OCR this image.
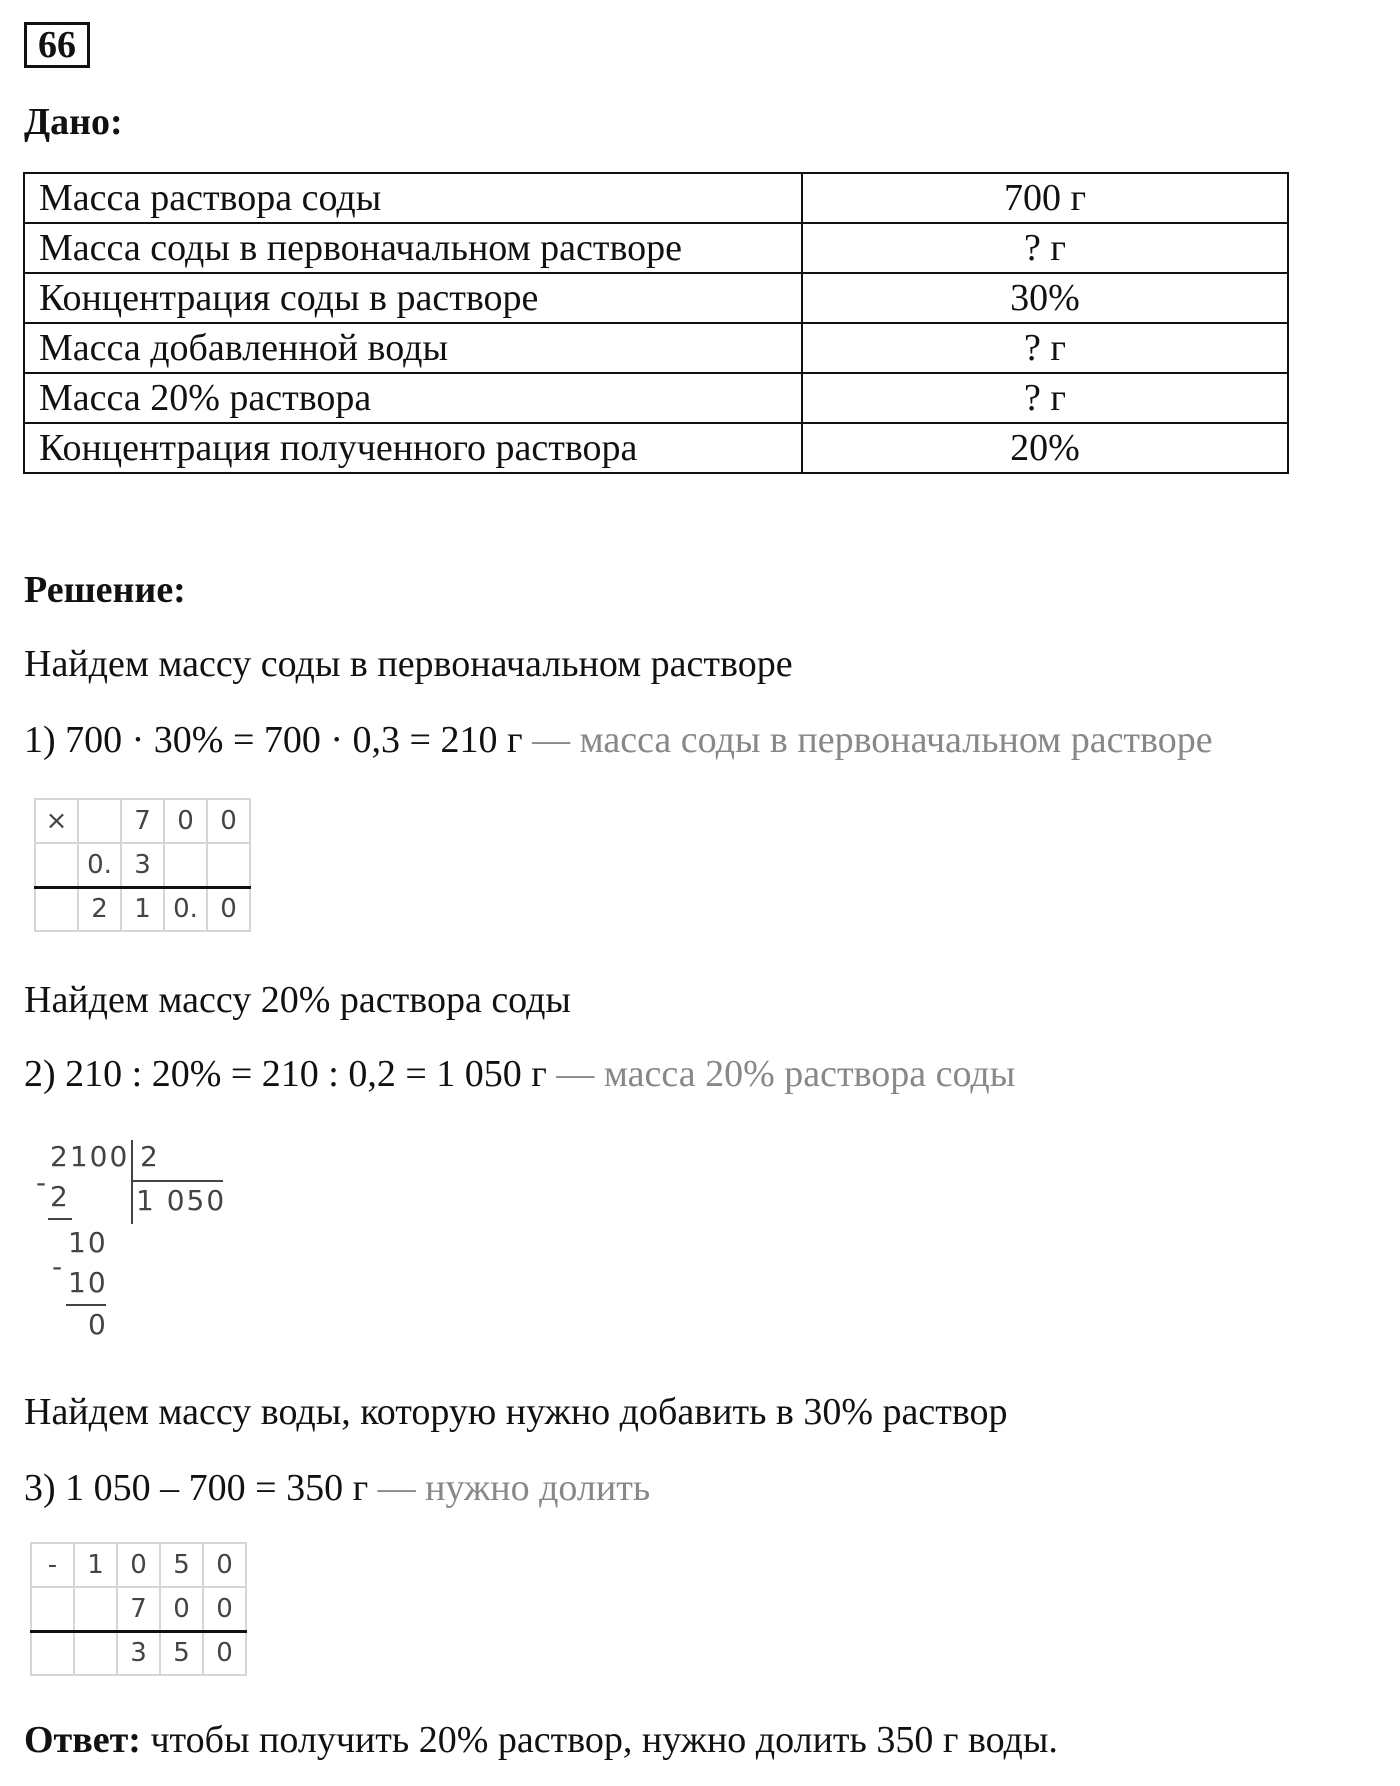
66
Дано:
Масса раствора соды	700 г
Масса соды в первоначальном растворе	? г
Концентрация соды в растворе	30%
Масса добавленной воды	? г
Масса 20% раствора	? г
Концентрация полученного раствора	20%
Решение:
Найдем массу соды в первоначальном растворе
1) 700 · 30% = 700 · 0,3 = 210 г — масса соды в первоначальном растворе
×		7	0	0
	0.	3		
	2	1	0.	0
Найдем массу 20% раствора соды
2) 210 : 20% = 210 : 0,2 = 1 050 г — масса 20% раствора соды
2100 2
1 050
- 2
10
- 10
0
Найдем массу воды, которую нужно добавить в 30% раствор
3) 1 050 – 700 = 350 г — нужно долить
-	1	0	5	0
		7	0	0
		3	5	0
Ответ: чтобы получить 20% раствор, нужно долить 350 г воды.
